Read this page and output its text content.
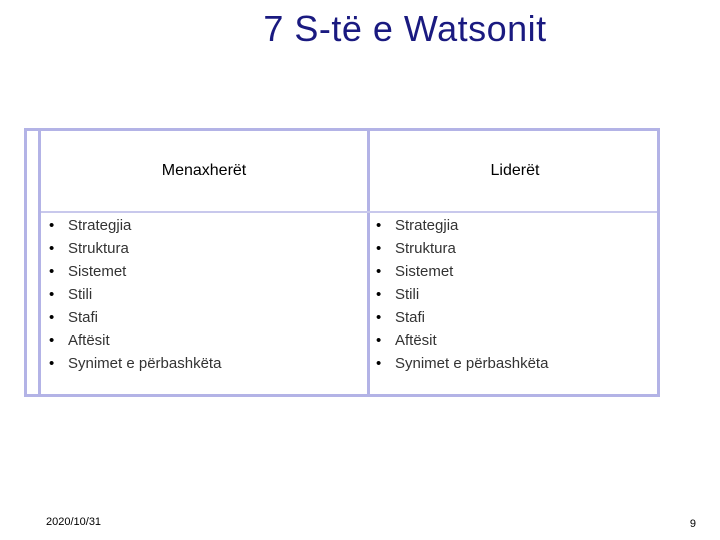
7 S-të e Watsonit
Menaxherët	Liderët
• Strategjia
• Struktura
• Sistemet
• Stili
• Stafi
• Aftësit
• Synimet e përbashkëta
• Strategjia
• Struktura
• Sistemet
• Stili
• Stafi
• Aftësit
• Synimet e përbashkëta
2020/10/31	9
